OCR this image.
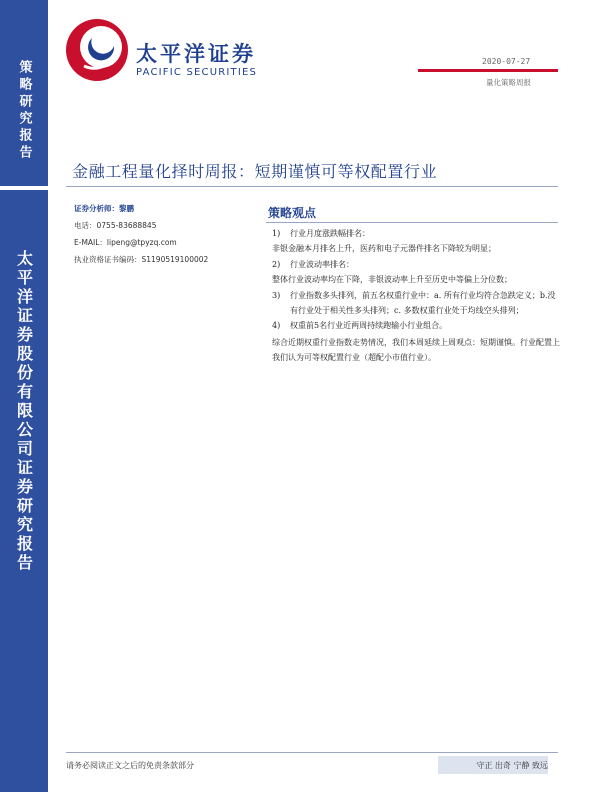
策略研究报告
太平洋证券股份有限公司证券研究报告
太平洋证券
PACIFIC SECURITIES
2020-07-27
量化策略周报
金融工程量化择时周报：短期谨慎可等权配置行业
证券分析师：黎鹏
电话：0755-83688845
E-MAIL：lipeng@tpyzq.com
执业资格证书编码：S1190519100002
策略观点
1)	行业月度涨跌幅排名：
非银金融本月排名上升，医药和电子元器件排名下降较为明显；
2)	行业波动率排名：
整体行业波动率均在下降，非银波动率上升至历史中等偏上分位数；
3)	行业指数多头排列，前五名权重行业中：a. 所有行业均符合急跌定义；b.没有行业处于相关性多头排列；c. 多数权重行业处于均线空头排列；
4)	权重前5名行业近两周持续跑输小行业组合。
综合近期权重行业指数走势情况，我们本周延续上周观点：短期谨慎。行业配置上我们认为可等权配置行业（超配小市值行业）。
请务必阅读正文之后的免责条款部分	守正 出奇 宁静 致远
